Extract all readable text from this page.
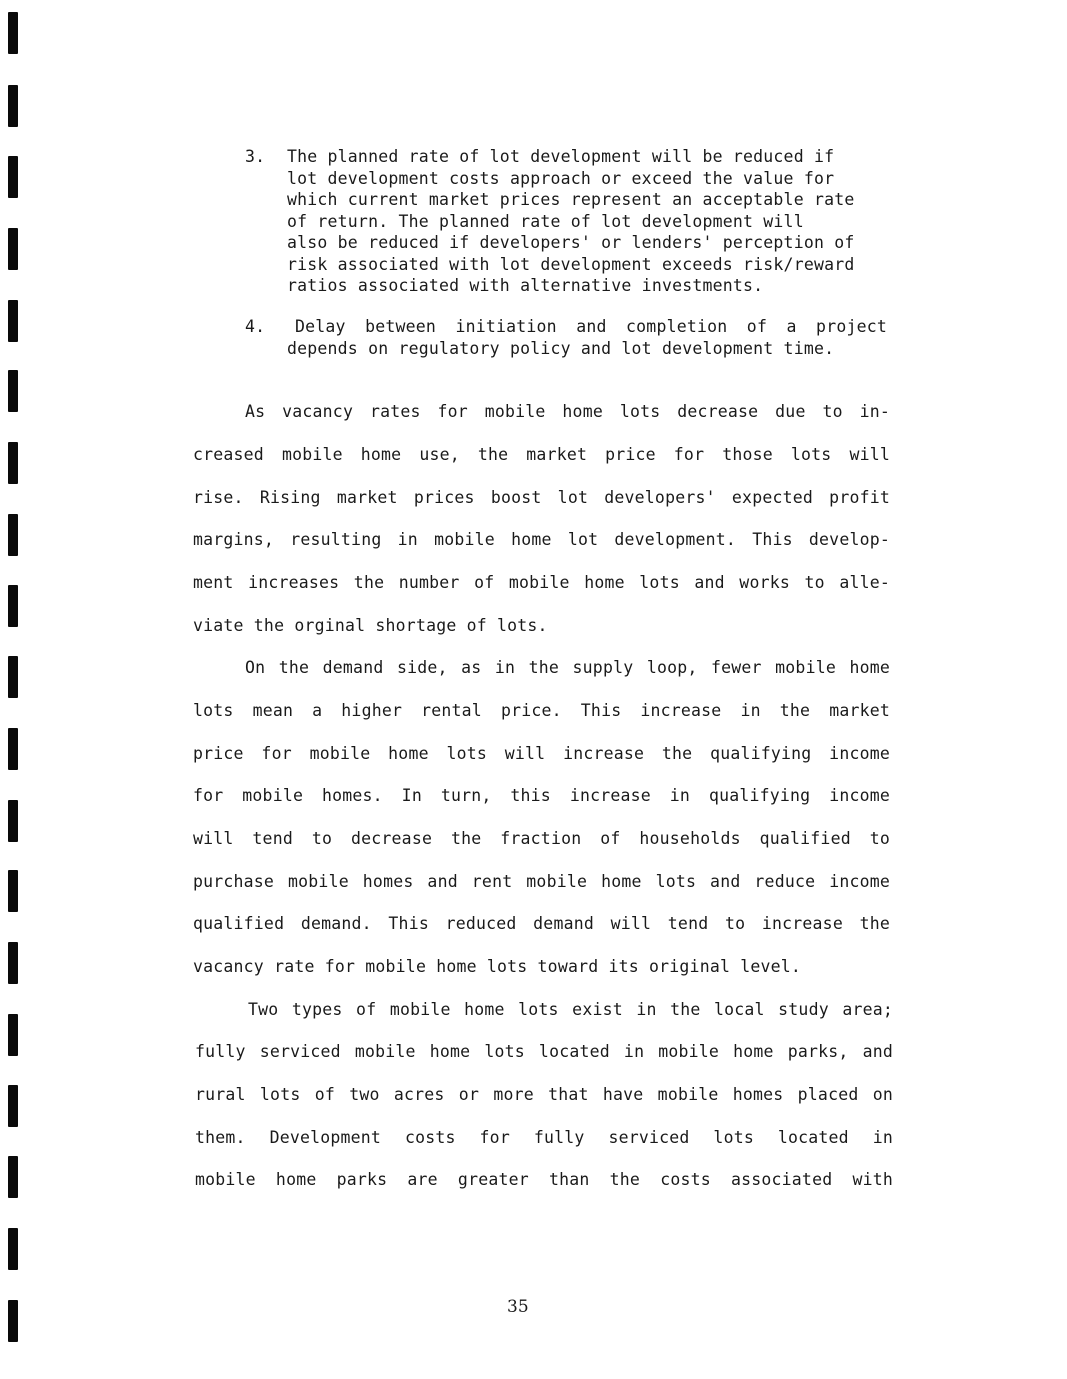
3. The planned rate of lot development will be reduced if
lot development costs approach or exceed the value for
which current market prices represent an acceptable rate
of return. The planned rate of lot development will
also be reduced if developers' or lenders' perception of
risk associated with lot development exceeds risk/reward
ratios associated with alternative investments.
4.	Delay between initiation and completion of a project
depends on regulatory policy and lot development time.
As vacancy rates for mobile home lots decrease due to in-
creased mobile home use, the market price for those lots will
rise. Rising market prices boost lot developers' expected profit
margins, resulting in mobile home lot development. This develop-
ment increases the number of mobile home lots and works to alle-
viate the orginal shortage of lots.
On the demand side, as in the supply loop, fewer mobile home
lots mean a higher rental price. This increase in the market
price for mobile home lots will increase the qualifying income
for mobile homes. In turn, this increase in qualifying income
will tend to decrease the fraction of households qualified to
purchase mobile homes and rent mobile home lots and reduce income
qualified demand. This reduced demand will tend to increase the
vacancy rate for mobile home lots toward its original level.
Two types of mobile home lots exist in the local study area;
fully serviced mobile home lots located in mobile home parks, and
rural lots of two acres or more that have mobile homes placed on
them. Development costs for fully serviced lots located in
mobile home parks are greater than the costs associated with
35
